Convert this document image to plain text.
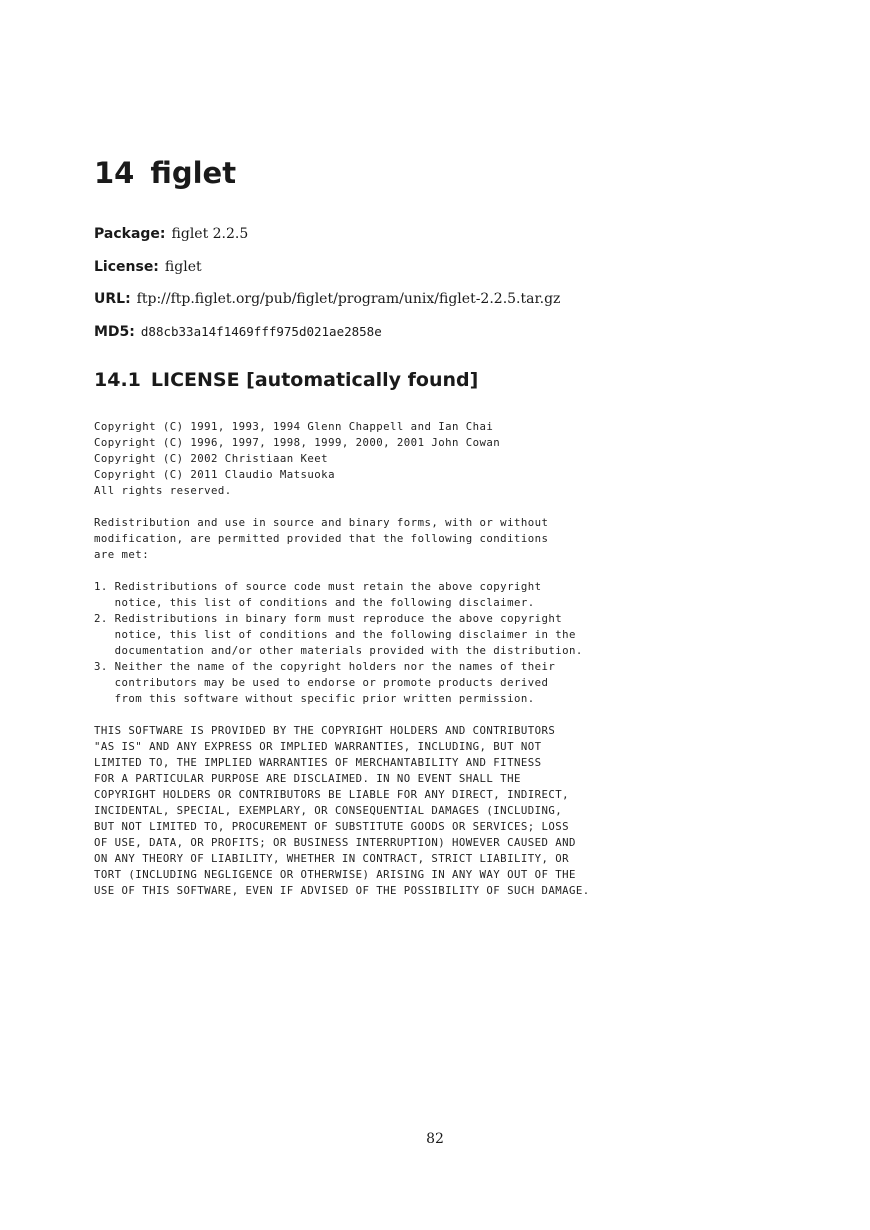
14 figlet
Package: figlet 2.2.5
License: figlet
URL: ftp://ftp.figlet.org/pub/figlet/program/unix/figlet-2.2.5.tar.gz
MD5: d88cb33a14f1469fff975d021ae2858e
14.1 LICENSE [automatically found]
Copyright (C) 1991, 1993, 1994 Glenn Chappell and Ian Chai
Copyright (C) 1996, 1997, 1998, 1999, 2000, 2001 John Cowan
Copyright (C) 2002 Christiaan Keet
Copyright (C) 2011 Claudio Matsuoka
All rights reserved.

Redistribution and use in source and binary forms, with or without
modification, are permitted provided that the following conditions
are met:

1. Redistributions of source code must retain the above copyright
notice, this list of conditions and the following disclaimer.
2. Redistributions in binary form must reproduce the above copyright
notice, this list of conditions and the following disclaimer in the
documentation and/or other materials provided with the distribution.
3. Neither the name of the copyright holders nor the names of their
contributors may be used to endorse or promote products derived
from this software without specific prior written permission.

THIS SOFTWARE IS PROVIDED BY THE COPYRIGHT HOLDERS AND CONTRIBUTORS
"AS IS" AND ANY EXPRESS OR IMPLIED WARRANTIES, INCLUDING, BUT NOT
LIMITED TO, THE IMPLIED WARRANTIES OF MERCHANTABILITY AND FITNESS
FOR A PARTICULAR PURPOSE ARE DISCLAIMED. IN NO EVENT SHALL THE
COPYRIGHT HOLDERS OR CONTRIBUTORS BE LIABLE FOR ANY DIRECT, INDIRECT,
INCIDENTAL, SPECIAL, EXEMPLARY, OR CONSEQUENTIAL DAMAGES (INCLUDING,
BUT NOT LIMITED TO, PROCUREMENT OF SUBSTITUTE GOODS OR SERVICES; LOSS
OF USE, DATA, OR PROFITS; OR BUSINESS INTERRUPTION) HOWEVER CAUSED AND
ON ANY THEORY OF LIABILITY, WHETHER IN CONTRACT, STRICT LIABILITY, OR
TORT (INCLUDING NEGLIGENCE OR OTHERWISE) ARISING IN ANY WAY OUT OF THE
USE OF THIS SOFTWARE, EVEN IF ADVISED OF THE POSSIBILITY OF SUCH DAMAGE.
82
